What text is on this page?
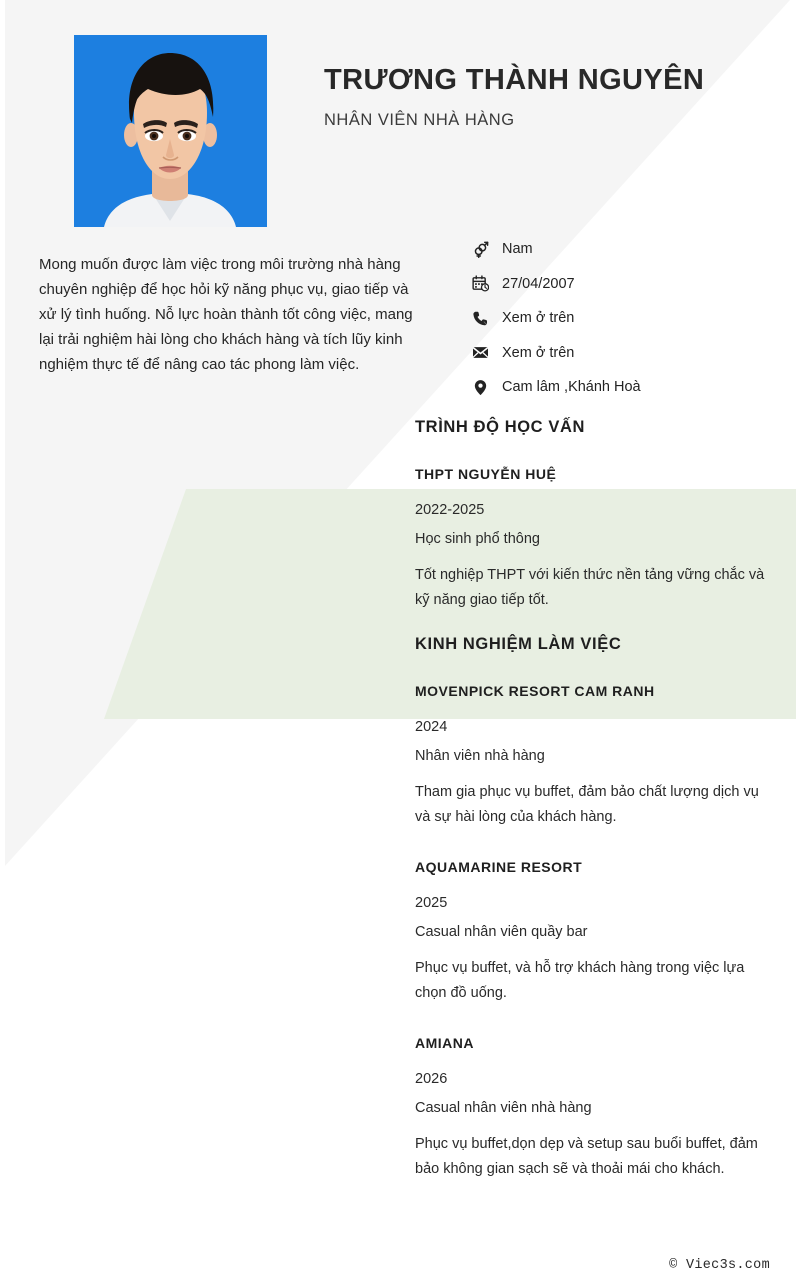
TRƯƠNG THÀNH NGUYÊN
NHÂN VIÊN NHÀ HÀNG
Mong muốn được làm việc trong môi trường nhà hàng chuyên nghiệp để học hỏi kỹ năng phục vụ, giao tiếp và xử lý tình huống. Nỗ lực hoàn thành tốt công việc, mang lại trải nghiệm hài lòng cho khách hàng và tích lũy kinh nghiệm thực tế để nâng cao tác phong làm việc.
Nam
27/04/2007
Xem ở trên
Xem ở trên
Cam lâm ,Khánh Hoà
TRÌNH ĐỘ HỌC VẤN
THPT NGUYỄN HUỆ
2022-2025
Học sinh phổ thông
Tốt nghiệp THPT với kiến thức nền tảng vững chắc và kỹ năng giao tiếp tốt.
KINH NGHIỆM LÀM VIỆC
MOVENPICK RESORT CAM RANH
2024
Nhân viên nhà hàng
Tham gia phục vụ buffet, đảm bảo chất lượng dịch vụ và sự hài lòng của khách hàng.
AQUAMARINE RESORT
2025
Casual nhân viên quầy bar
Phục vụ buffet, và hỗ trợ khách hàng trong việc lựa chọn đồ uống.
AMIANA
2026
Casual nhân viên nhà hàng
Phục vụ buffet,dọn dẹp và setup sau buổi buffet, đảm bảo không gian sạch sẽ và thoải mái cho khách.
© Viec3s.com
